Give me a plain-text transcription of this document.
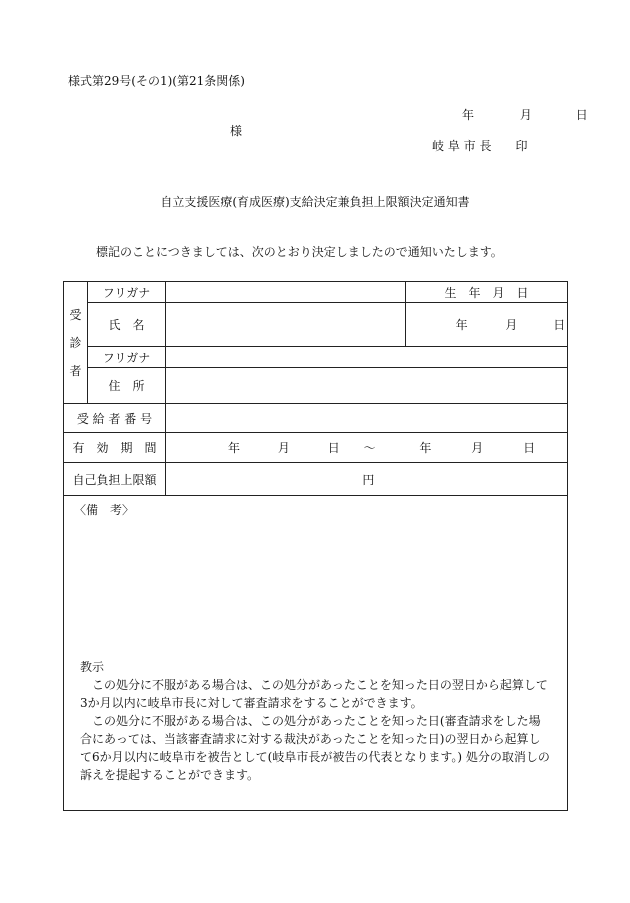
様式第29号(その1)(第21条関係)
年	月	日
様
岐 阜 市 長　　印
自立支援医療(育成医療)支給決定兼負担上限額決定通知書
標記のことにつきましては、次のとおり決定しましたので通知いたします。
受
診
者	フリガナ		生　年　月　日
	氏　名		年 月 日
	フリガナ		
	住　所		
受 給 者 番 号			
有　効　期　間		年 月 日 〜 年 月 日	
自己負担上限額		円	

〈備　考〉

教示

この処分に不服がある場合は、この処分があったことを知った日の翌日から起算して3か月以内に岐阜市長に対して審査請求をすることができます。

この処分に不服がある場合は、この処分があったことを知った日(審査請求をした場合にあっては、当該審査請求に対する裁決があったことを知った日)の翌日から起算して6か月以内に岐阜市を被告として(岐阜市長が被告の代表となります。) 処分の取消しの訴えを提起することができます。			
